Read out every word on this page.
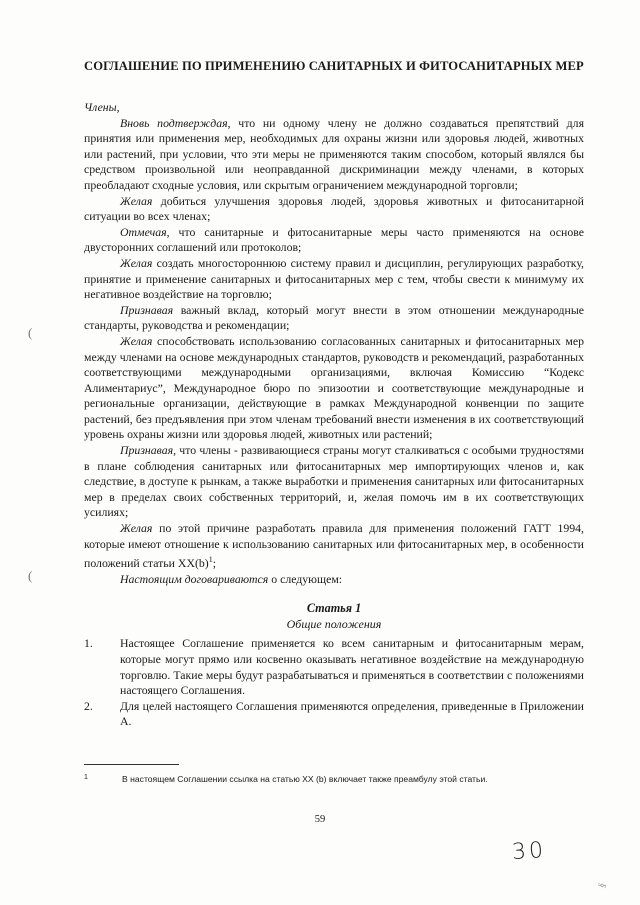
СОГЛАШЕНИЕ ПО ПРИМЕНЕНИЮ САНИТАРНЫХ И ФИТОСАНИТАРНЫХ МЕР

Члены,

Вновь подтверждая, что ни одному члену не должно создаваться препятствий для принятия или применения мер, необходимых для охраны жизни или здоровья людей, животных или растений, при условии, что эти меры не применяются таким способом, который являлся бы средством произвольной или неоправданной дискриминации между членами, в которых преобладают сходные условия, или скрытым ограничением международной торговли;

Желая добиться улучшения здоровья людей, здоровья животных и фитосанитарной ситуации во всех членах;

Отмечая, что санитарные и фитосанитарные меры часто применяются на основе двусторонних соглашений или протоколов;

Желая создать многостороннюю систему правил и дисциплин, регулирующих разработку, принятие и применение санитарных и фитосанитарных мер с тем, чтобы свести к минимуму их негативное воздействие на торговлю;

Признавая важный вклад, который могут внести в этом отношении международные стандарты, руководства и рекомендации;

Желая способствовать использованию согласованных санитарных и фитосанитарных мер между членами на основе международных стандартов, руководств и рекомендаций, разработанных соответствующими международными организациями, включая Комиссию “Кодекс Алиментариус”, Международное бюро по эпизоотии и соответствующие международные и региональные организации, действующие в рамках Международной конвенции по защите растений, без предъявления при этом членам требований внести изменения в их соответствующий уровень охраны жизни или здоровья людей, животных или растений;

Признавая, что члены - развивающиеся страны могут сталкиваться с особыми трудностями в плане соблюдения санитарных или фитосанитарных мер импортирующих членов и, как следствие, в доступе к рынкам, а также выработки и применения санитарных или фитосанитарных мер в пределах своих собственных территорий, и, желая помочь им в их соответствующих усилиях;

Желая по этой причине разработать правила для применения положений ГАТТ 1994, которые имеют отношение к использованию санитарных или фитосанитарных мер, в особенности положений статьи $XX(b)^1$;

Настоящим договариваются о следующем:

Статья 1
Общие положения
1.	Настоящее Соглашение применяется ко всем санитарным и фитосанитарным мерам, которые могут прямо или косвенно оказывать негативное воздействие на международную торговлю. Такие меры будут разрабатываться и применяться в соответствии с положениями настоящего Соглашения.
2.	Для целей настоящего Соглашения применяются определения, приведенные в Приложении А.
1	В настоящем Соглашении ссылка на статью XX (b) включает также преамбулу этой статьи.
59
30
(
(
§
